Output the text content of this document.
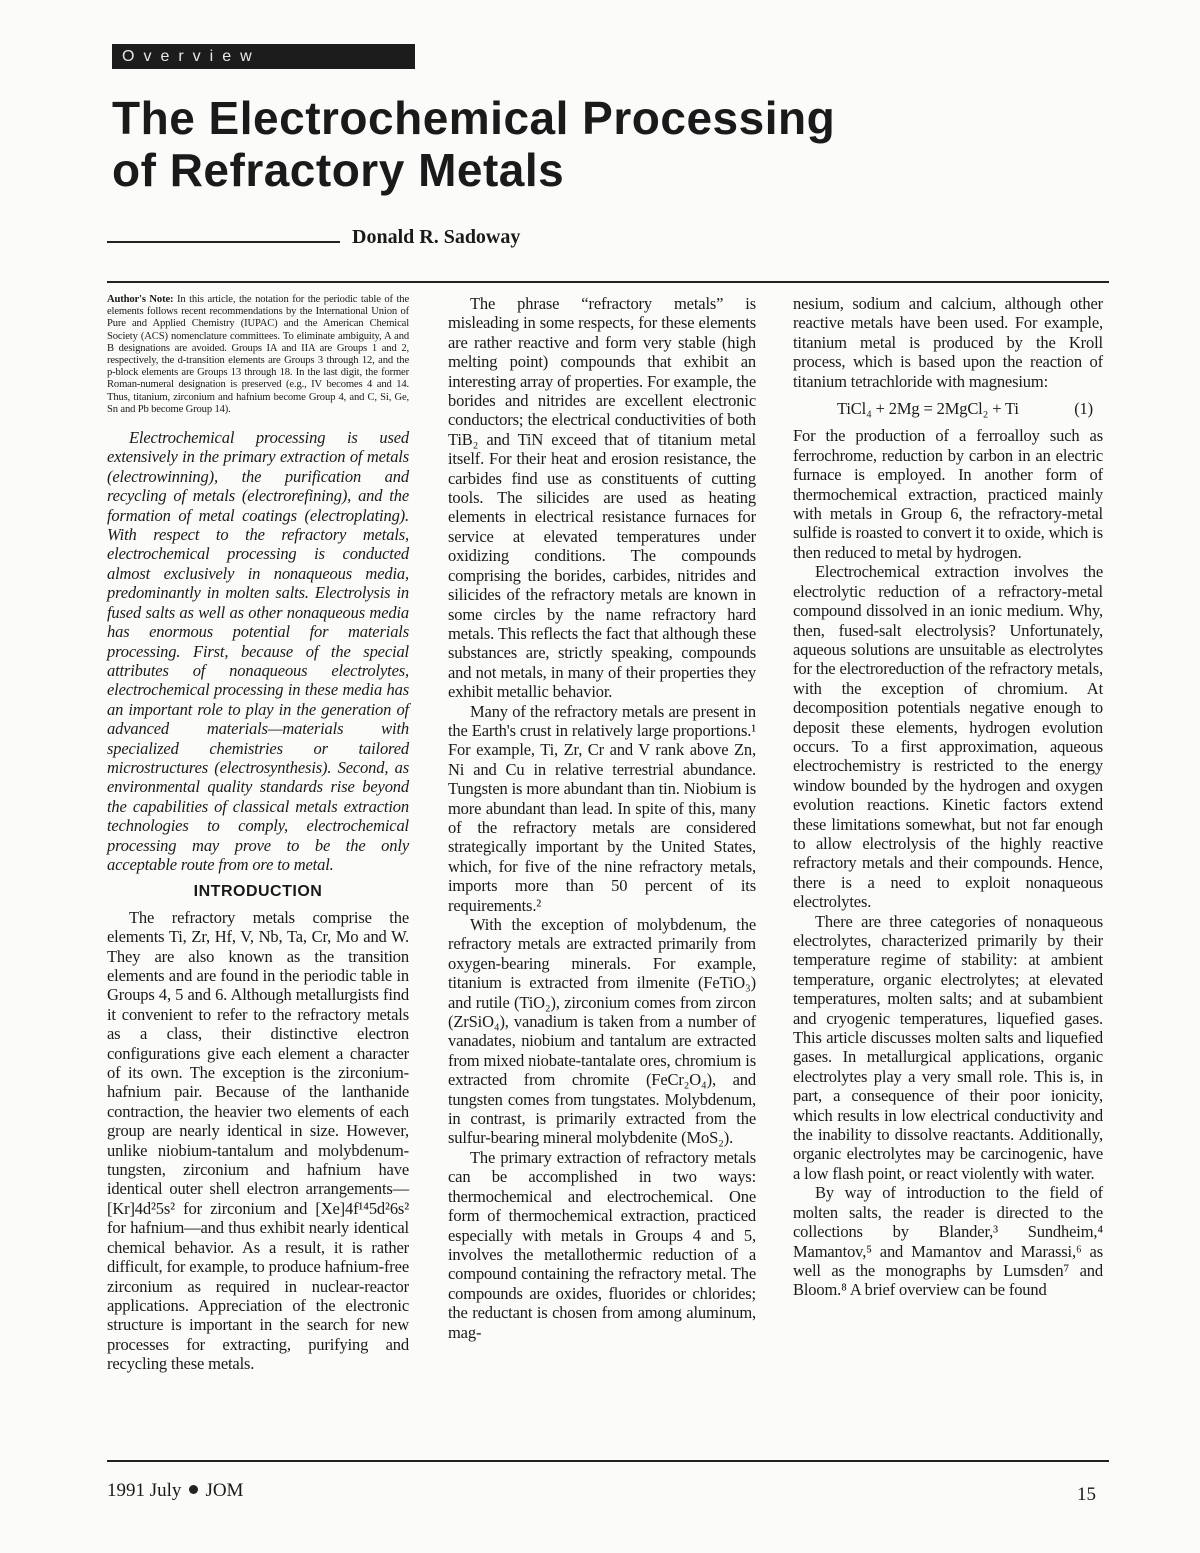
Overview
The Electrochemical Processing
of Refractory Metals
Donald R. Sadoway
Author's Note: In this article, the notation for the periodic table of the elements follows recent recommendations by the International Union of Pure and Applied Chemistry (IUPAC) and the American Chemical Society (ACS) nomenclature committees. To eliminate ambiguity, A and B designations are avoided. Groups IA and IIA are Groups 1 and 2, respectively, the d-transition elements are Groups 3 through 12, and the p-block elements are Groups 13 through 18. In the last digit, the former Roman-numeral designation is preserved (e.g., IV becomes 4 and 14. Thus, titanium, zirconium and hafnium become Group 4, and C, Si, Ge, Sn and Pb become Group 14).

Electrochemical processing is used extensively in the primary extraction of metals (electrowinning), the purification and recycling of metals (electrorefining), and the formation of metal coatings (electroplating). With respect to the refractory metals, electrochemical processing is conducted almost exclusively in nonaqueous media, predominantly in molten salts. Electrolysis in fused salts as well as other nonaqueous media has enormous potential for materials processing. First, because of the special attributes of nonaqueous electrolytes, electrochemical processing in these media has an important role to play in the generation of advanced materials—materials with specialized chemistries or tailored microstructures (electrosynthesis). Second, as environmental quality standards rise beyond the capabilities of classical metals extraction technologies to comply, electrochemical processing may prove to be the only acceptable route from ore to metal.

INTRODUCTION

The refractory metals comprise the elements Ti, Zr, Hf, V, Nb, Ta, Cr, Mo and W. They are also known as the transition elements and are found in the periodic table in Groups 4, 5 and 6. Although metallurgists find it convenient to refer to the refractory metals as a class, their distinctive electron configurations give each element a character of its own. The exception is the zirconium-hafnium pair. Because of the lanthanide contraction, the heavier two elements of each group are nearly identical in size. However, unlike niobium-tantalum and molybdenum-tungsten, zirconium and hafnium have identical outer shell electron arrangements—[Kr]4d²5s² for zirconium and [Xe]4f¹⁴5d²6s² for hafnium—and thus exhibit nearly identical chemical behavior. As a result, it is rather difficult, for example, to produce hafnium-free zirconium as required in nuclear-reactor applications. Appreciation of the electronic structure is important in the search for new processes for extracting, purifying and recycling these metals.

The phrase “refractory metals” is misleading in some respects, for these elements are rather reactive and form very stable (high melting point) compounds that exhibit an interesting array of properties. For example, the borides and nitrides are excellent electronic conductors; the electrical conductivities of both TiB₂ and TiN exceed that of titanium metal itself. For their heat and erosion resistance, the carbides find use as constituents of cutting tools. The silicides are used as heating elements in electrical resistance furnaces for service at elevated temperatures under oxidizing conditions. The compounds comprising the borides, carbides, nitrides and silicides of the refractory metals are known in some circles by the name refractory hard metals. This reflects the fact that although these substances are, strictly speaking, compounds and not metals, in many of their properties they exhibit metallic behavior.

Many of the refractory metals are present in the Earth's crust in relatively large proportions.¹ For example, Ti, Zr, Cr and V rank above Zn, Ni and Cu in relative terrestrial abundance. Tungsten is more abundant than tin. Niobium is more abundant than lead. In spite of this, many of the refractory metals are considered strategically important by the United States, which, for five of the nine refractory metals, imports more than 50 percent of its requirements.²

With the exception of molybdenum, the refractory metals are extracted primarily from oxygen-bearing minerals. For example, titanium is extracted from ilmenite (FeTiO₃) and rutile (TiO₂), zirconium comes from zircon (ZrSiO₄), vanadium is taken from a number of vanadates, niobium and tantalum are extracted from mixed niobate-tantalate ores, chromium is extracted from chromite (FeCr₂O₄), and tungsten comes from tungstates. Molybdenum, in contrast, is primarily extracted from the sulfur-bearing mineral molybdenite (MoS₂).

The primary extraction of refractory metals can be accomplished in two ways: thermochemical and electrochemical. One form of thermochemical extraction, practiced especially with metals in Groups 4 and 5, involves the metallothermic reduction of a compound containing the refractory metal. The compounds are oxides, fluorides or chlorides; the reductant is chosen from among aluminum, mag-

nesium, sodium and calcium, although other reactive metals have been used. For example, titanium metal is produced by the Kroll process, which is based upon the reaction of titanium tetrachloride with magnesium:

TiCl₄ + 2Mg = 2MgCl₂ + Ti	(1)

For the production of a ferroalloy such as ferrochrome, reduction by carbon in an electric furnace is employed. In another form of thermochemical extraction, practiced mainly with metals in Group 6, the refractory-metal sulfide is roasted to convert it to oxide, which is then reduced to metal by hydrogen.

Electrochemical extraction involves the electrolytic reduction of a refractory-metal compound dissolved in an ionic medium. Why, then, fused-salt electrolysis? Unfortunately, aqueous solutions are unsuitable as electrolytes for the electroreduction of the refractory metals, with the exception of chromium. At decomposition potentials negative enough to deposit these elements, hydrogen evolution occurs. To a first approximation, aqueous electrochemistry is restricted to the energy window bounded by the hydrogen and oxygen evolution reactions. Kinetic factors extend these limitations somewhat, but not far enough to allow electrolysis of the highly reactive refractory metals and their compounds. Hence, there is a need to exploit nonaqueous electrolytes.

There are three categories of nonaqueous electrolytes, characterized primarily by their temperature regime of stability: at ambient temperature, organic electrolytes; at elevated temperatures, molten salts; and at subambient and cryogenic temperatures, liquefied gases. This article discusses molten salts and liquefied gases. In metallurgical applications, organic electrolytes play a very small role. This is, in part, a consequence of their poor ionicity, which results in low electrical conductivity and the inability to dissolve reactants. Additionally, organic electrolytes may be carcinogenic, have a low flash point, or react violently with water.

By way of introduction to the field of molten salts, the reader is directed to the collections by Blander,³ Sundheim,⁴ Mamantov,⁵ and Mamantov and Marassi,⁶ as well as the monographs by Lumsden⁷ and Bloom.⁸ A brief overview can be found

1991 July JOM	15
